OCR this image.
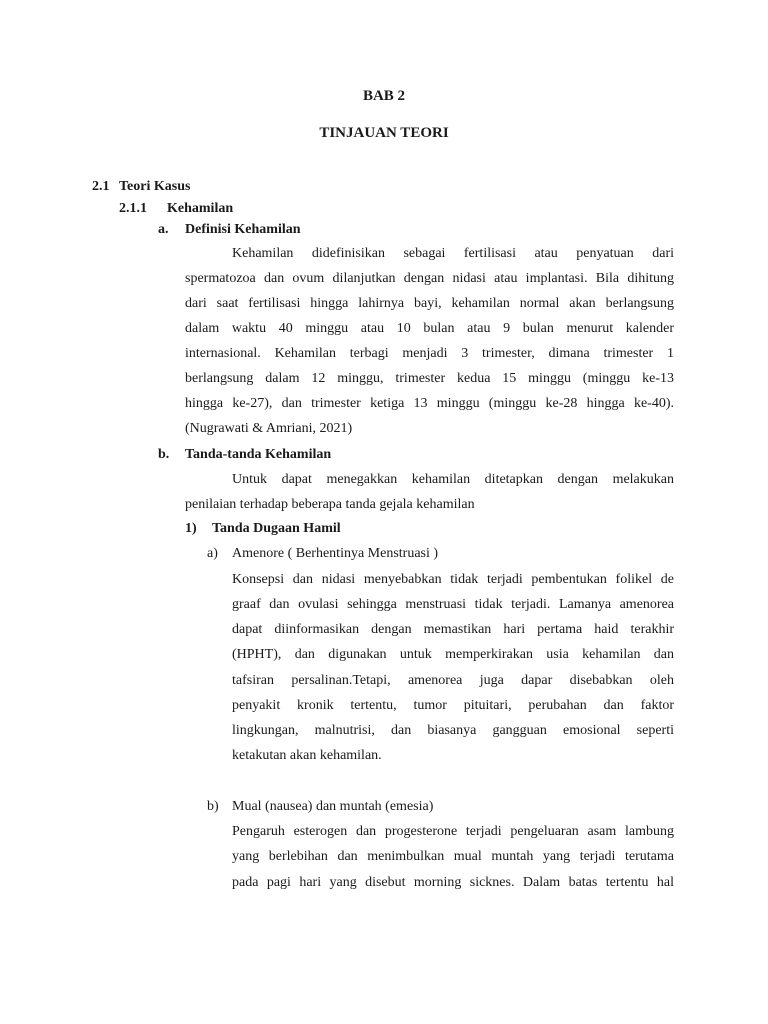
BAB 2
TINJAUAN TEORI
2.1 Teori Kasus
2.1.1 Kehamilan
a. Definisi Kehamilan
Kehamilan didefinisikan sebagai fertilisasi atau penyatuan dari
spermatozoa dan ovum dilanjutkan dengan nidasi atau implantasi. Bila dihitung
dari saat fertilisasi hingga lahirnya bayi, kehamilan normal akan berlangsung
dalam waktu 40 minggu atau 10 bulan atau 9 bulan menurut kalender
internasional. Kehamilan terbagi menjadi 3 trimester, dimana trimester 1
berlangsung dalam 12 minggu, trimester kedua 15 minggu (minggu ke-13
hingga ke-27), dan trimester ketiga 13 minggu (minggu ke-28 hingga ke-40).
(Nugrawati & Amriani, 2021)
b. Tanda-tanda Kehamilan
Untuk dapat menegakkan kehamilan ditetapkan dengan melakukan
penilaian terhadap beberapa tanda gejala kehamilan
1) Tanda Dugaan Hamil
a) Amenore ( Berhentinya Menstruasi )
Konsepsi dan nidasi menyebabkan tidak terjadi pembentukan folikel de
graaf dan ovulasi sehingga menstruasi tidak terjadi. Lamanya amenorea
dapat diinformasikan dengan memastikan hari pertama haid terakhir
(HPHT), dan digunakan untuk memperkirakan usia kehamilan dan
tafsiran persalinan.Tetapi, amenorea juga dapar disebabkan oleh
penyakit kronik tertentu, tumor pituitari, perubahan dan faktor
lingkungan, malnutrisi, dan biasanya gangguan emosional seperti
ketakutan akan kehamilan.
b) Mual (nausea) dan muntah (emesia)
Pengaruh esterogen dan progesterone terjadi pengeluaran asam lambung
yang berlebihan dan menimbulkan mual muntah yang terjadi terutama
pada pagi hari yang disebut morning sicknes. Dalam batas tertentu hal
